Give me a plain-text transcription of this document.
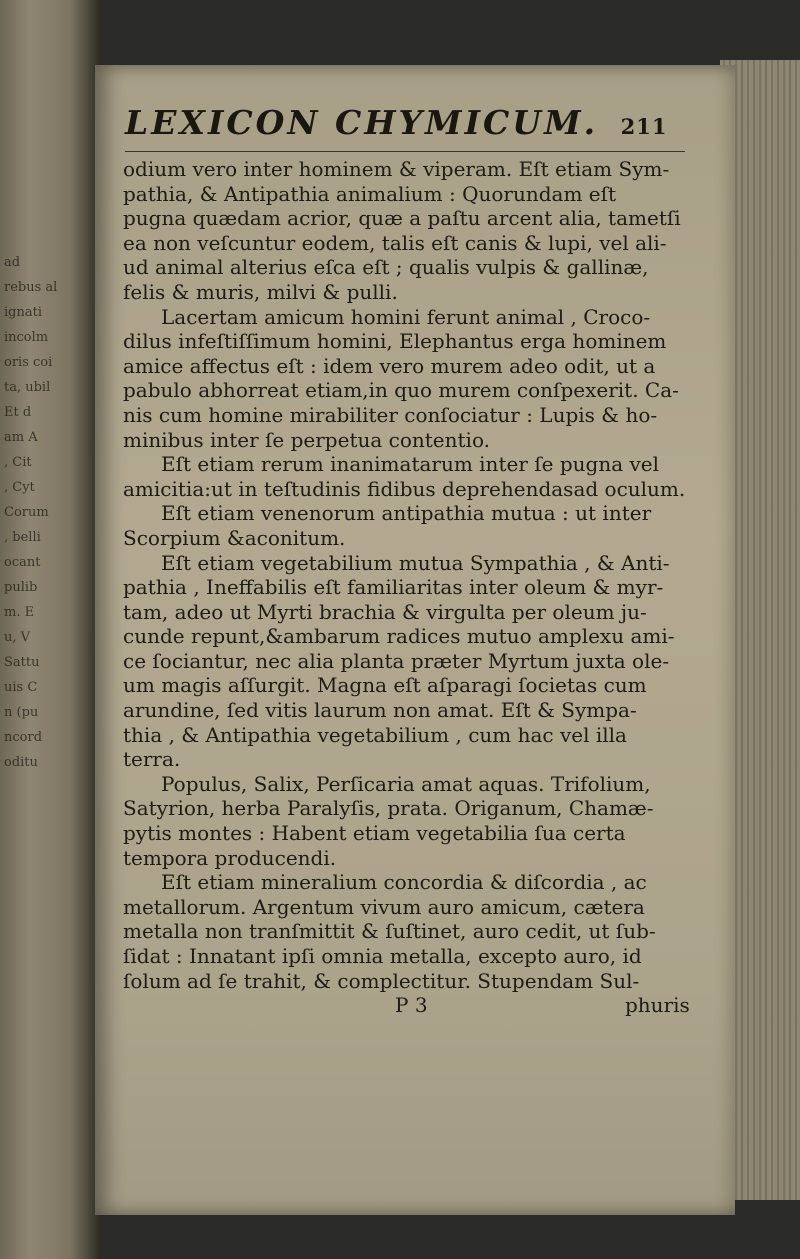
ad
rebus al
ignati
incolm
oris coi
ta, ubil
Et d
am A
, Cit
, Cyt
Corum
, belli
ocant
pulib
m. E
u, V
Sattu
uis C
n (pu
ncord
oditu
LEXICON CHYMICUM. 211
odium vero inter hominem & viperam. Eſt etiam Sym-
pathia, & Antipathia animalium : Quorundam eſt
pugna quædam acrior, quæ a paſtu arcent alia, tametſi
ea non veſcuntur eodem, talis eſt canis & lupi, vel ali-
ud animal alterius eſca eſt ; qualis vulpis & gallinæ,
felis & muris, milvi & pulli.
Lacertam amicum homini ferunt animal , Croco-
dilus infeſtiſſimum homini, Elephantus erga hominem
amice affectus eſt : idem vero murem adeo odit, ut a
pabulo abhorreat etiam,in quo murem conſpexerit. Ca-
nis cum homine mirabiliter conſociatur : Lupis & ho-
minibus inter ſe perpetua contentio.
Eſt etiam rerum inanimatarum inter ſe pugna vel
amicitia:ut in teſtudinis fidibus deprehendasad oculum.
Eſt etiam venenorum antipathia mutua : ut inter
Scorpium &aconitum.
Eſt etiam vegetabilium mutua Sympathia , & Anti-
pathia , Ineffabilis eſt familiaritas inter oleum & myr-
tam, adeo ut Myrti brachia & virgulta per oleum ju-
cunde repunt,&ambarum radices mutuo amplexu ami-
ce ſociantur, nec alia planta præter Myrtum juxta ole-
um magis aſſurgit. Magna eſt aſparagi ſocietas cum
arundine, ſed vitis laurum non amat. Eſt & Sympa-
thia , & Antipathia vegetabilium , cum hac vel illa
terra.
Populus, Salix, Perſicaria amat aquas. Trifolium,
Satyrion, herba Paralyſis, prata. Origanum, Chamæ-
pytis montes : Habent etiam vegetabilia ſua certa
tempora producendi.
Eſt etiam mineralium concordia & diſcordia , ac
metallorum. Argentum vivum auro amicum, cætera
metalla non tranſmittit & ſuſtinet, auro cedit, ut ſub-
ſidat : Innatant ipſi omnia metalla, excepto auro, id
ſolum ad ſe trahit, & complectitur. Stupendam Sul-
P 3	phuris
